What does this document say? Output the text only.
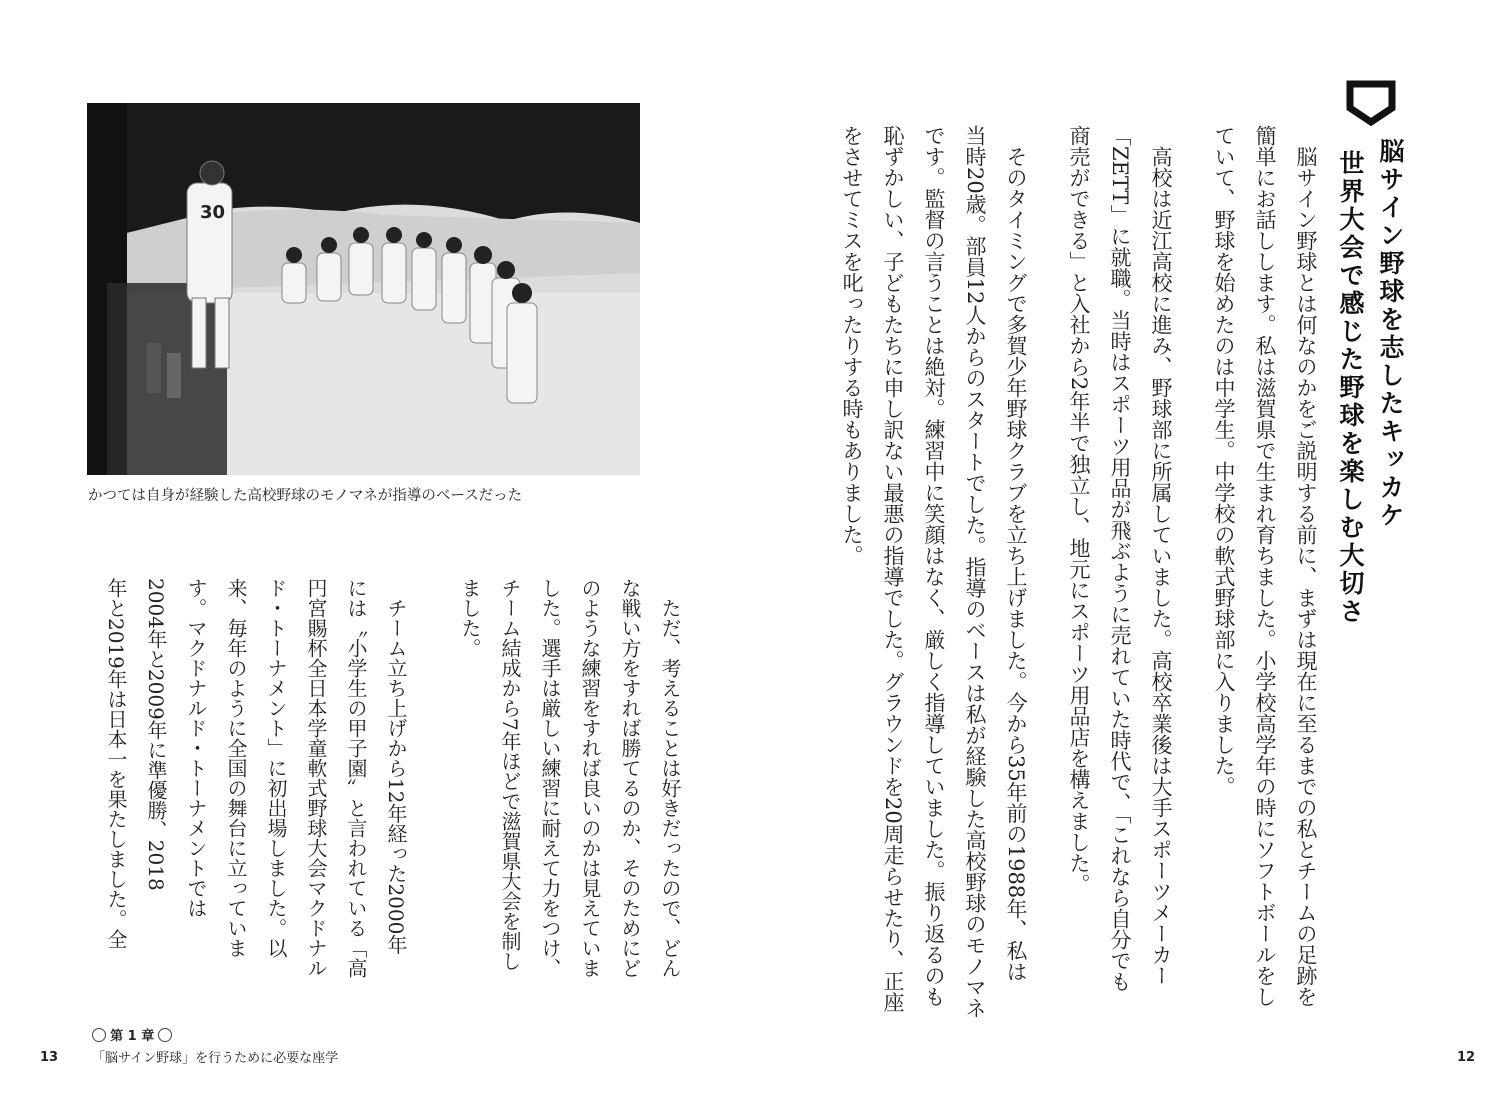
30
かつては自身が経験した高校野球のモノマネが指導のベースだった
ただ、考えることは好きだったので、どん
な戦い方をすれば勝てるのか、そのためにど
のような練習をすれば良いのかは見えていま
した。選手は厳しい練習に耐えて力をつけ、
チーム結成から7年ほどで滋賀県大会を制し
ました。
チーム立ち上げから12年経った2000年
には〝小学生の甲子園〟と言われている「高
円宮賜杯全日本学童軟式野球大会マクドナル
ド・トーナメント」に初出場しました。以
来、毎年のように全国の舞台に立っていま
す。マクドナルド・トーナメントでは
2004年と2009年に準優勝、2018
年と2019年は日本一を果たしました。全
第 1 章
「脳サイン野球」を行うために必要な座学
13
脳サイン野球を志したキッカケ
世界大会で感じた野球を楽しむ大切さ
脳サイン野球とは何なのかをご説明する前に、まずは現在に至るまでの私とチームの足跡を
簡単にお話しします。私は滋賀県で生まれ育ちました。小学校高学年の時にソフトボールをし
ていて、野球を始めたのは中学生。中学校の軟式野球部に入りました。
高校は近江高校に進み、野球部に所属していました。高校卒業後は大手スポーツメーカー
「ZETT」に就職。当時はスポーツ用品が飛ぶように売れていた時代で、「これなら自分でも
商売ができる」と入社から2年半で独立し、地元にスポーツ用品店を構えました。
そのタイミングで多賀少年野球クラブを立ち上げました。今から35年前の1988年、私は
当時20歳。部員12人からのスタートでした。指導のベースは私が経験した高校野球のモノマネ
です。監督の言うことは絶対。練習中に笑顔はなく、厳しく指導していました。振り返るのも
恥ずかしい、子どもたちに申し訳ない最悪の指導でした。グラウンドを20周走らせたり、正座
をさせてミスを叱ったりする時もありました。
12
